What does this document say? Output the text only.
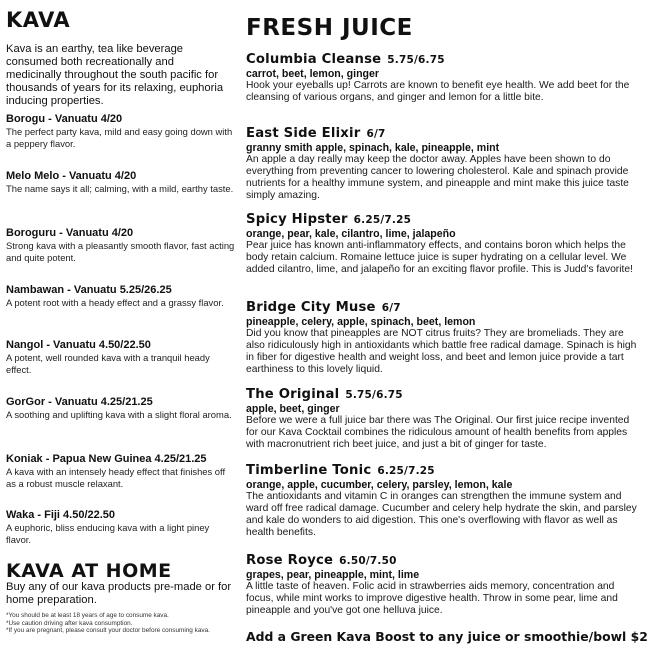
KAVA
Kava is an earthy, tea like beverage consumed both recreationally and medicinally throughout the south pacific for thousands of years for its relaxing, euphoria inducing properties.
Borogu - Vanuatu 4/20
The perfect party kava, mild and easy going down with a peppery flavor.
Melo Melo - Vanuatu 4/20
The name says it all; calming, with a mild, earthy taste.
Boroguru - Vanuatu 4/20
Strong kava with a pleasantly smooth flavor, fast acting and quite potent.
Nambawan - Vanuatu 5.25/26.25
A potent root with a heady effect and a grassy flavor.
Nangol - Vanuatu 4.50/22.50
A potent, well rounded kava with a tranquil heady effect.
GorGor - Vanuatu 4.25/21.25
A soothing and uplifting kava with a slight floral aroma.
Koniak - Papua New Guinea 4.25/21.25
A kava with an intensely heady effect that finishes off as a robust muscle relaxant.
Waka - Fiji 4.50/22.50
A euphoric, bliss enducing kava with a light piney flavor.
KAVA AT HOME
Buy any of our kava products pre-made or for home preparation.
*You should be at least 18 years of age to consume kava.
*Use caution driving after kava consumption.
*If you are pregnant, please consult your doctor before consuming kava.
FRESH JUICE
Columbia Cleanse 5.75/6.75
carrot, beet, lemon, ginger
Hook your eyeballs up! Carrots are known to benefit eye health. We add beet for the cleansing of various organs, and ginger and lemon for a little bite.
East Side Elixir 6/7
granny smith apple, spinach, kale, pineapple, mint
An apple a day really may keep the doctor away. Apples have been shown to do everything from preventing cancer to lowering cholesterol. Kale and spinach provide nutrients for a healthy immune system, and pineapple and mint make this juice taste simply amazing.
Spicy Hipster 6.25/7.25
orange, pear, kale, cilantro, lime, jalapeño
Pear juice has known anti-inflammatory effects, and contains boron which helps the body retain calcium. Romaine lettuce juice is super hydrating on a cellular level. We added cilantro, lime, and jalapeño for an exciting flavor profile. This is Judd's favorite!
Bridge City Muse 6/7
pineapple, celery, apple, spinach, beet, lemon
Did you know that pineapples are NOT citrus fruits? They are bromeliads. They are also ridiculously high in antioxidants which battle free radical damage. Spinach is high in fiber for digestive health and weight loss, and beet and lemon juice provide a tart earthiness to this lovely liquid.
The Original 5.75/6.75
apple, beet, ginger
Before we were a full juice bar there was The Original. Our first juice recipe invented for our Kava Cocktail combines the ridiculous amount of health benefits from apples with macronutrient rich beet juice, and just a bit of ginger for taste.
Timberline Tonic 6.25/7.25
orange, apple, cucumber, celery, parsley, lemon, kale
The antioxidants and vitamin C in oranges can strengthen the immune system and ward off free radical damage. Cucumber and celery help hydrate the skin, and parsley and kale do wonders to aid digestion. This one's overflowing with flavor as well as health benefits.
Rose Royce 6.50/7.50
grapes, pear, pineapple, mint, lime
A little taste of heaven. Folic acid in strawberries aids memory, concentration and focus, while mint works to improve digestive health. Throw in some pear, lime and pineapple and you've got one helluva juice.
Add a Green Kava Boost to any juice or smoothie/bowl $2
